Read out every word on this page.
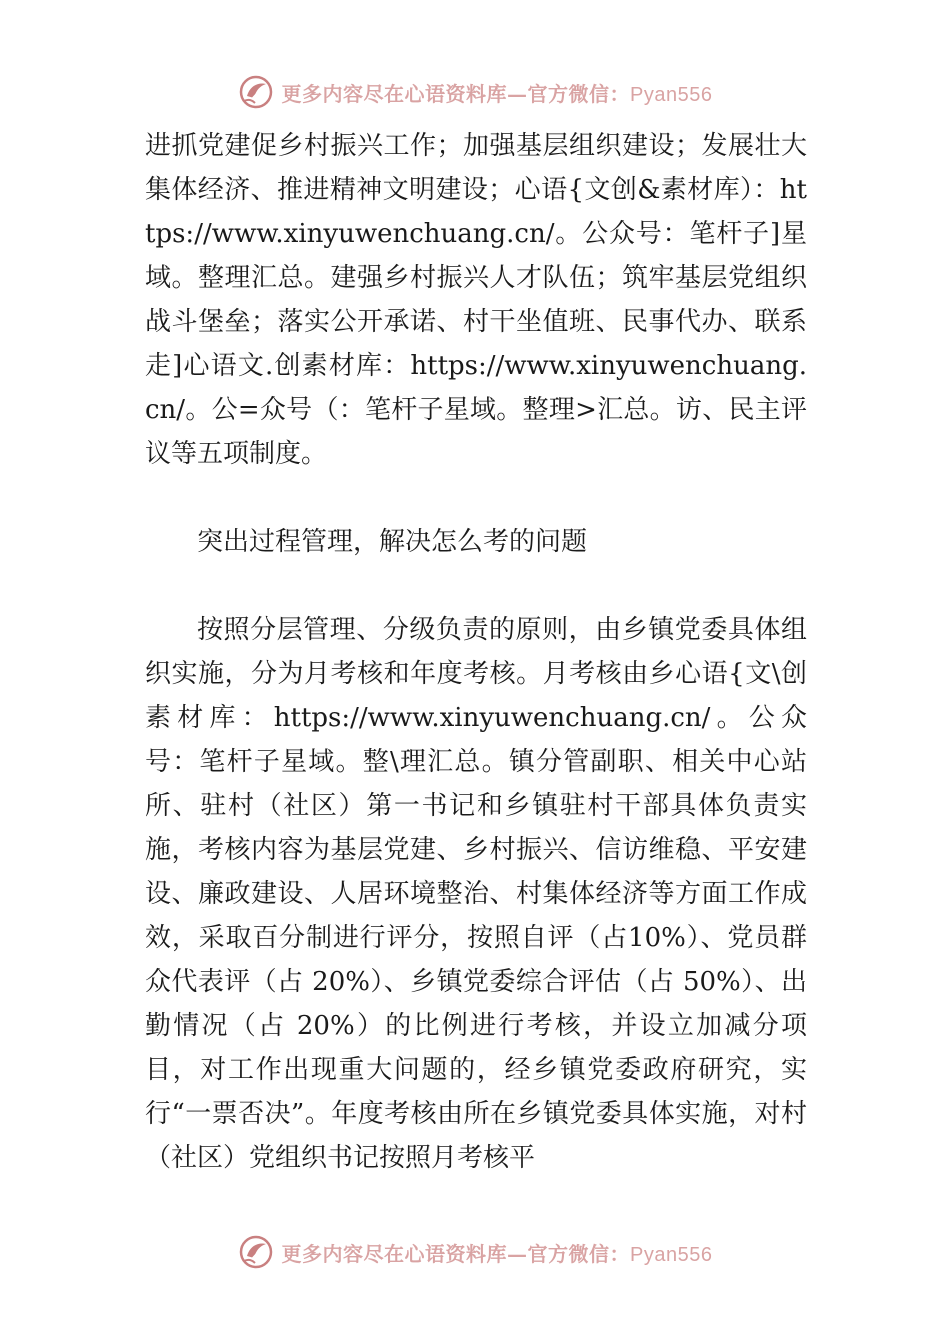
更多内容尽在心语资料库—官方微信：Pyan556

进抓党建促乡村振兴工作；加强基层组织建设；发展壮大集体经济、推进精神文明建设；心语{文创&素材库）：https://www.xinyuwenchuang.cn/。公众号：笔杆子]星域。整理汇总。建强乡村振兴人才队伍；筑牢基层党组织战斗堡垒；落实公开承诺、村干坐值班、民事代办、联系走]心语文.创素材库：https://www.xinyuwenchuang.cn/。公=众号（：笔杆子星域。整理>汇总。访、民主评议等五项制度。

突出过程管理，解决怎么考的问题

按照分层管理、分级负责的原则，由乡镇党委具体组织实施，分为月考核和年度考核。月考核由乡心语{文\创素材库：https://www.xinyuwenchuang.cn/。公众号：笔杆子星域。整\理汇总。镇分管副职、相关中心站所、驻村（社区）第一书记和乡镇驻村干部具体负责实施，考核内容为基层党建、乡村振兴、信访维稳、平安建设、廉政建设、人居环境整治、村集体经济等方面工作成效，采取百分制进行评分，按照自评（占10%）、党员群众代表评（占 20%）、乡镇党委综合评估（占 50%）、出勤情况（占 20%）的比例进行考核，并设立加减分项目，对工作出现重大问题的，经乡镇党委政府研究，实行“一票否决”。年度考核由所在乡镇党委具体实施，对村（社区）党组织书记按照月考核平

更多内容尽在心语资料库—官方微信：Pyan556
